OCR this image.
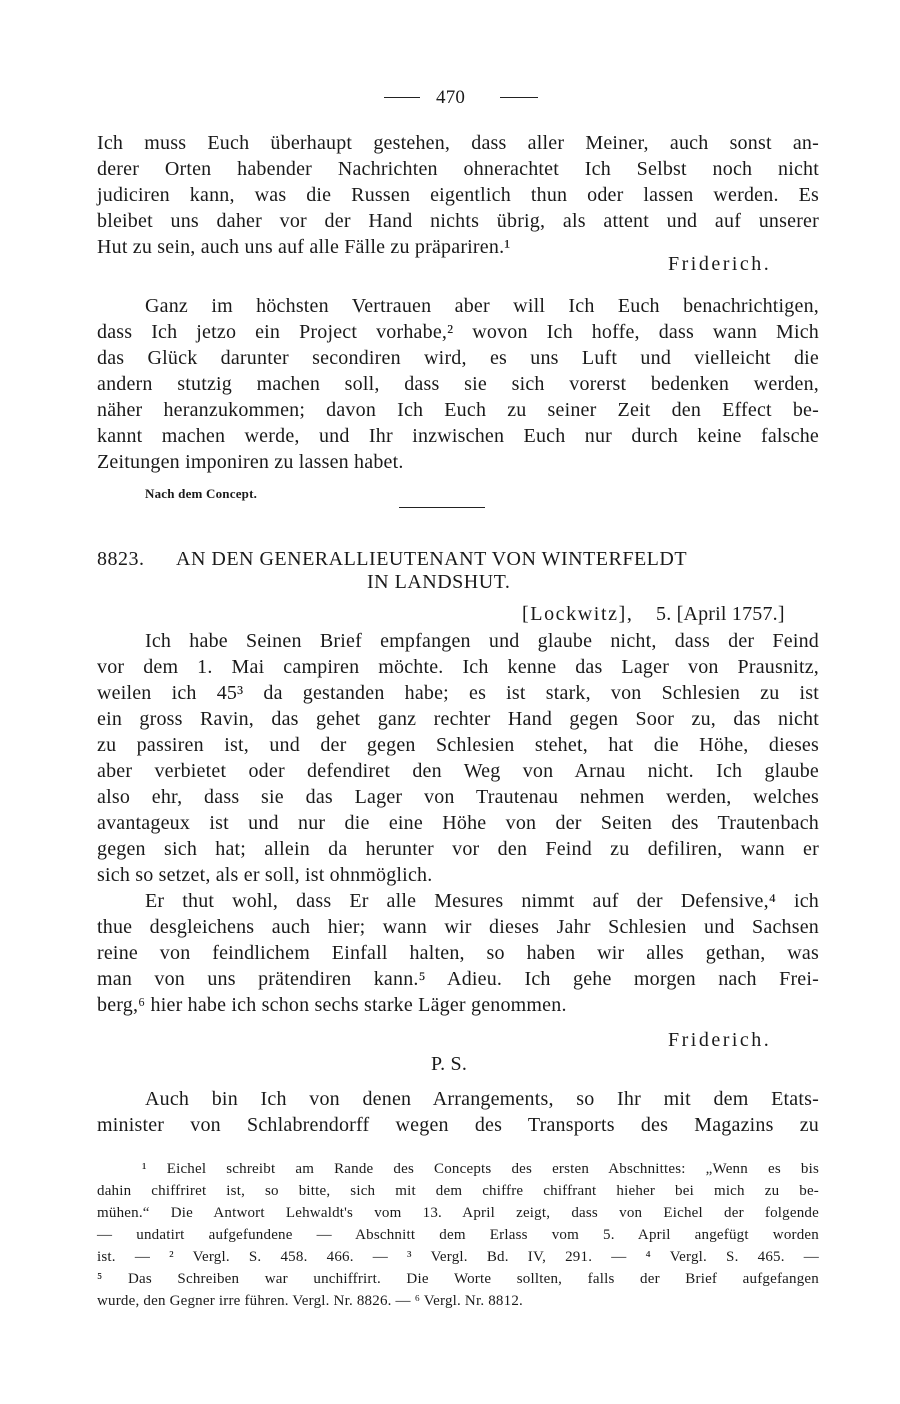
470
Ich muss Euch überhaupt gestehen, dass aller Meiner, auch sonst an-
derer Orten habender Nachrichten ohnerachtet Ich Selbst noch nicht
judiciren kann, was die Russen eigentlich thun oder lassen werden. Es
bleibet uns daher vor der Hand nichts übrig, als attent und auf unserer
Hut zu sein, auch uns auf alle Fälle zu präpariren.¹
Friderich.
Ganz im höchsten Vertrauen aber will Ich Euch benachrichtigen,
dass Ich jetzo ein Project vorhabe,² wovon Ich hoffe, dass wann Mich
das Glück darunter secondiren wird, es uns Luft und vielleicht die
andern stutzig machen soll, dass sie sich vorerst bedenken werden,
näher heranzukommen; davon Ich Euch zu seiner Zeit den Effect be-
kannt machen werde, und Ihr inzwischen Euch nur durch keine falsche
Zeitungen imponiren zu lassen habet.
Nach dem Concept.
8823. AN DEN GENERALLIEUTENANT VON WINTERFELDT
IN LANDSHUT.
[Lockwitz], 5. [April 1757.]
Ich habe Seinen Brief empfangen und glaube nicht, dass der Feind
vor dem 1. Mai campiren möchte. Ich kenne das Lager von Prausnitz,
weilen ich 45³ da gestanden habe; es ist stark, von Schlesien zu ist
ein gross Ravin, das gehet ganz rechter Hand gegen Soor zu, das nicht
zu passiren ist, und der gegen Schlesien stehet, hat die Höhe, dieses
aber verbietet oder defendiret den Weg von Arnau nicht. Ich glaube
also ehr, dass sie das Lager von Trautenau nehmen werden, welches
avantageux ist und nur die eine Höhe von der Seiten des Trautenbach
gegen sich hat; allein da herunter vor den Feind zu defiliren, wann er
sich so setzet, als er soll, ist ohnmöglich.
Er thut wohl, dass Er alle Mesures nimmt auf der Defensive,⁴ ich
thue desgleichens auch hier; wann wir dieses Jahr Schlesien und Sachsen
reine von feindlichem Einfall halten, so haben wir alles gethan, was
man von uns prätendiren kann.⁵ Adieu. Ich gehe morgen nach Frei-
berg,⁶ hier habe ich schon sechs starke Läger genommen.
Friderich.
P. S.
Auch bin Ich von denen Arrangements, so Ihr mit dem Etats-
minister von Schlabrendorff wegen des Transports des Magazins zu
¹ Eichel schreibt am Rande des Concepts des ersten Abschnittes: „Wenn es bis
dahin chiffriret ist, so bitte, sich mit dem chiffre chiffrant hieher bei mich zu be-
mühen.“ Die Antwort Lehwaldt's vom 13. April zeigt, dass von Eichel der folgende
— undatirt aufgefundene — Abschnitt dem Erlass vom 5. April angefügt worden
ist. — ² Vergl. S. 458. 466. — ³ Vergl. Bd. IV, 291. — ⁴ Vergl. S. 465. —
⁵ Das Schreiben war unchiffrirt. Die Worte sollten, falls der Brief aufgefangen
wurde, den Gegner irre führen. Vergl. Nr. 8826. — ⁶ Vergl. Nr. 8812.
